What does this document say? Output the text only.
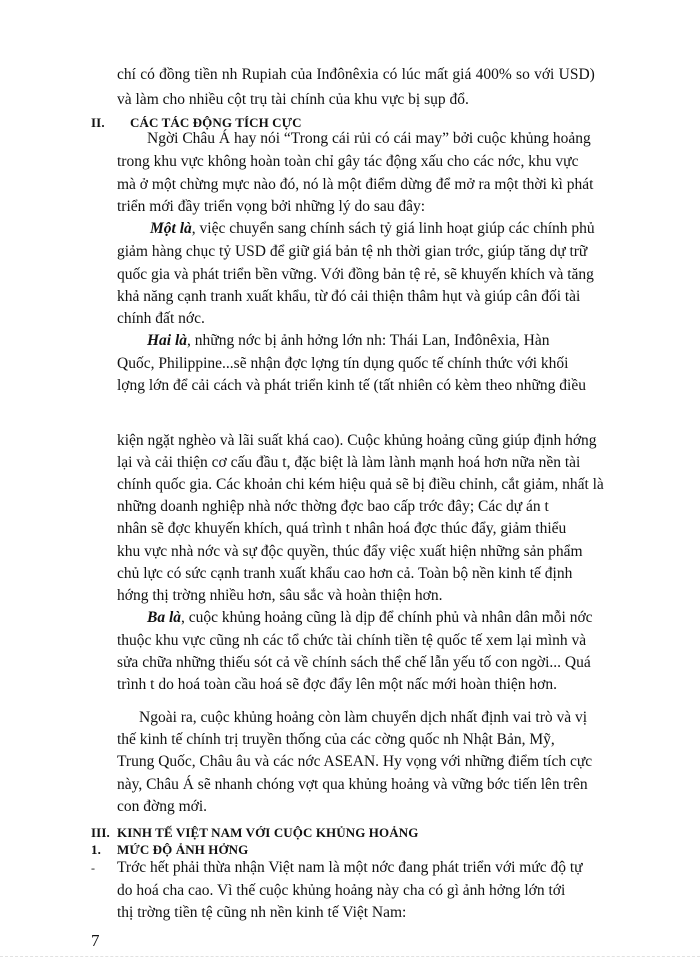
chí có đồng tiền nh Rupiah của Inđônêxia có lúc mất giá 400% so với USD)
và làm cho nhiều cột trụ tài chính của khu vực bị sụp đổ.
II. CÁC TÁC ĐỘNG TÍCH CỰC
Ngời Châu Á hay nói “Trong cái rủi có cái may” bởi cuộc khủng hoảng
trong khu vực không hoàn toàn chỉ gây tác động xấu cho các nớc, khu vực
mà ở một chừng mực nào đó, nó là một điểm dừng để mở ra một thời kì phát
triển mới đầy triển vọng bởi những lý do sau đây:
Một là, việc chuyển sang chính sách tỷ giá linh hoạt giúp các chính phủ
giảm hàng chục tỷ USD để giữ giá bản tệ nh thời gian trớc, giúp tăng dự trữ
quốc gia và phát triển bền vững. Với đồng bản tệ rẻ, sẽ khuyến khích và tăng
khả năng cạnh tranh xuất khẩu, từ đó cải thiện thâm hụt và giúp cân đối tài
chính đất nớc.
Hai là, những nớc bị ảnh hởng lớn nh: Thái Lan, Inđônêxia, Hàn
Quốc, Philippine...sẽ nhận đợc lợng tín dụng quốc tế chính thức với khối
lợng lớn để cải cách và phát triển kinh tế (tất nhiên có kèm theo những điều
kiện ngặt nghèo và lãi suất khá cao). Cuộc khủng hoảng cũng giúp định hớng
lại và cải thiện cơ cấu đầu t, đặc biệt là làm lành mạnh hoá hơn nữa nền tài
chính quốc gia. Các khoản chi kém hiệu quả sẽ bị điều chỉnh, cắt giảm, nhất là
những doanh nghiệp nhà nớc thờng đợc bao cấp trớc đây; Các dự án t
nhân sẽ đợc khuyến khích, quá trình t nhân hoá đợc thúc đẩy, giảm thiểu
khu vực nhà nớc và sự độc quyền, thúc đẩy việc xuất hiện những sản phẩm
chủ lực có sức cạnh tranh xuất khẩu cao hơn cả. Toàn bộ nền kinh tế định
hớng thị trờng nhiều hơn, sâu sắc và hoàn thiện hơn.
Ba là, cuộc khủng hoảng cũng là dịp để chính phủ và nhân dân mỗi nớc
thuộc khu vực cũng nh các tổ chức tài chính tiền tệ quốc tế xem lại mình và
sửa chữa những thiếu sót cả về chính sách thể chế lẫn yếu tố con ngời... Quá
trình t do hoá toàn cầu hoá sẽ đợc đẩy lên một nấc mới hoàn thiện hơn.
Ngoài ra, cuộc khủng hoảng còn làm chuyển dịch nhất định vai trò và vị
thế kinh tế chính trị truyền thống của các cờng quốc nh Nhật Bản, Mỹ,
Trung Quốc, Châu âu và các nớc ASEAN. Hy vọng với những điểm tích cực
này, Châu Á sẽ nhanh chóng vợt qua khủng hoảng và vững bớc tiến lên trên
con đờng mới.
III. KINH TẾ VIỆT NAM VỚI CUỘC KHỦNG HOẢNG
1. MỨC ĐỘ ẢNH HỞNG
- Trớc hết phải thừa nhận Việt nam là một nớc đang phát triển với mức độ tự
do hoá cha cao. Vì thế cuộc khủng hoảng này cha có gì ảnh hởng lớn tới
thị trờng tiền tệ cũng nh nền kinh tế Việt Nam:
7
